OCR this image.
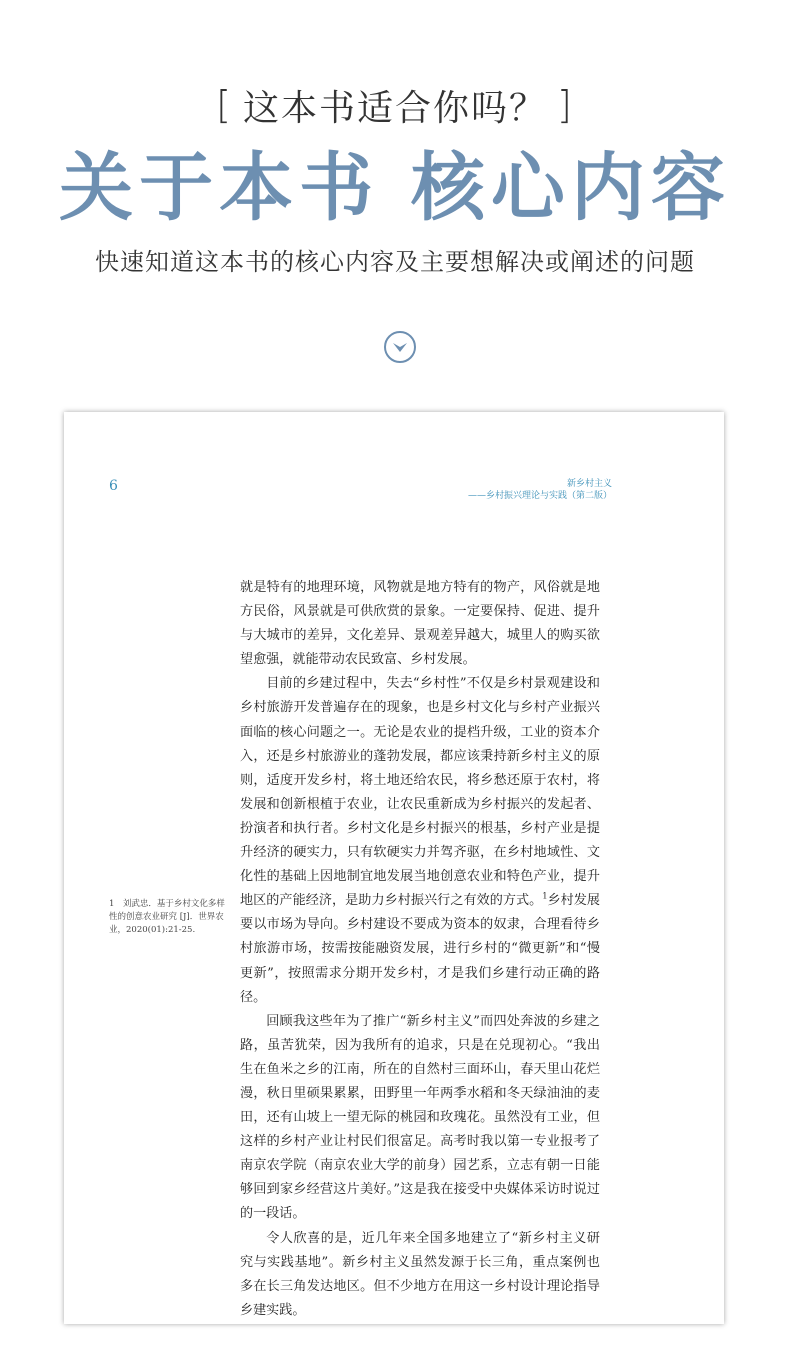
[ 这本书适合你吗？ ]
关于本书 核心内容
快速知道这本书的核心内容及主要想解决或阐述的问题
6	新乡村主义
—— 乡村振兴理论与实践（第二版）

就是特有的地理环境，风物就是地方特有的物产，风俗就是地方民俗，风景就是可供欣赏的景象。一定要保持、促进、提升与大城市的差异，文化差异、景观差异越大，城里人的购买欲望愈强，就能带动农民致富、乡村发展。

目前的乡建过程中，失去“乡村性”不仅是乡村景观建设和乡村旅游开发普遍存在的现象，也是乡村文化与乡村产业振兴面临的核心问题之一。无论是农业的提档升级，工业的资本介入，还是乡村旅游业的蓬勃发展，都应该秉持新乡村主义的原则，适度开发乡村，将土地还给农民，将乡愁还原于农村，将发展和创新根植于农业，让农民重新成为乡村振兴的发起者、扮演者和执行者。乡村文化是乡村振兴的根基，乡村产业是提升经济的硬实力，只有软硬实力并驾齐驱，在乡村地域性、文化性的基础上因地制宜地发展当地创意农业和特色产业，提升地区的产能经济，是助力乡村振兴行之有效的方式。$^1$乡村发展要以市场为导向。乡村建设不要成为资本的奴隶，合理看待乡村旅游市场，按需按能融资发展，进行乡村的“微更新”和“慢更新”，按照需求分期开发乡村，才是我们乡建行动正确的路径。

回顾我这些年为了推广“新乡村主义”而四处奔波的乡建之路，虽苦犹荣，因为我所有的追求，只是在兑现初心。“我出生在鱼米之乡的江南，所在的自然村三面环山，春天里山花烂漫，秋日里硕果累累，田野里一年两季水稻和冬天绿油油的麦田，还有山坡上一望无际的桃园和玫瑰花。虽然没有工业，但这样的乡村产业让村民们很富足。高考时我以第一专业报考了南京农学院（南京农业大学的前身）园艺系，立志有朝一日能够回到家乡经营这片美好。”这是我在接受中央媒体采访时说过的一段话。

令人欣喜的是，近几年来全国多地建立了“新乡村主义研究与实践基地”。新乡村主义虽然发源于长三角，重点案例也多在长三角发达地区。但不少地方在用这一乡村设计理论指导乡建实践。

1　刘武忠．基于乡村文化多样性的创意农业研究 [J]．世界农业，2020(01):21-25.
